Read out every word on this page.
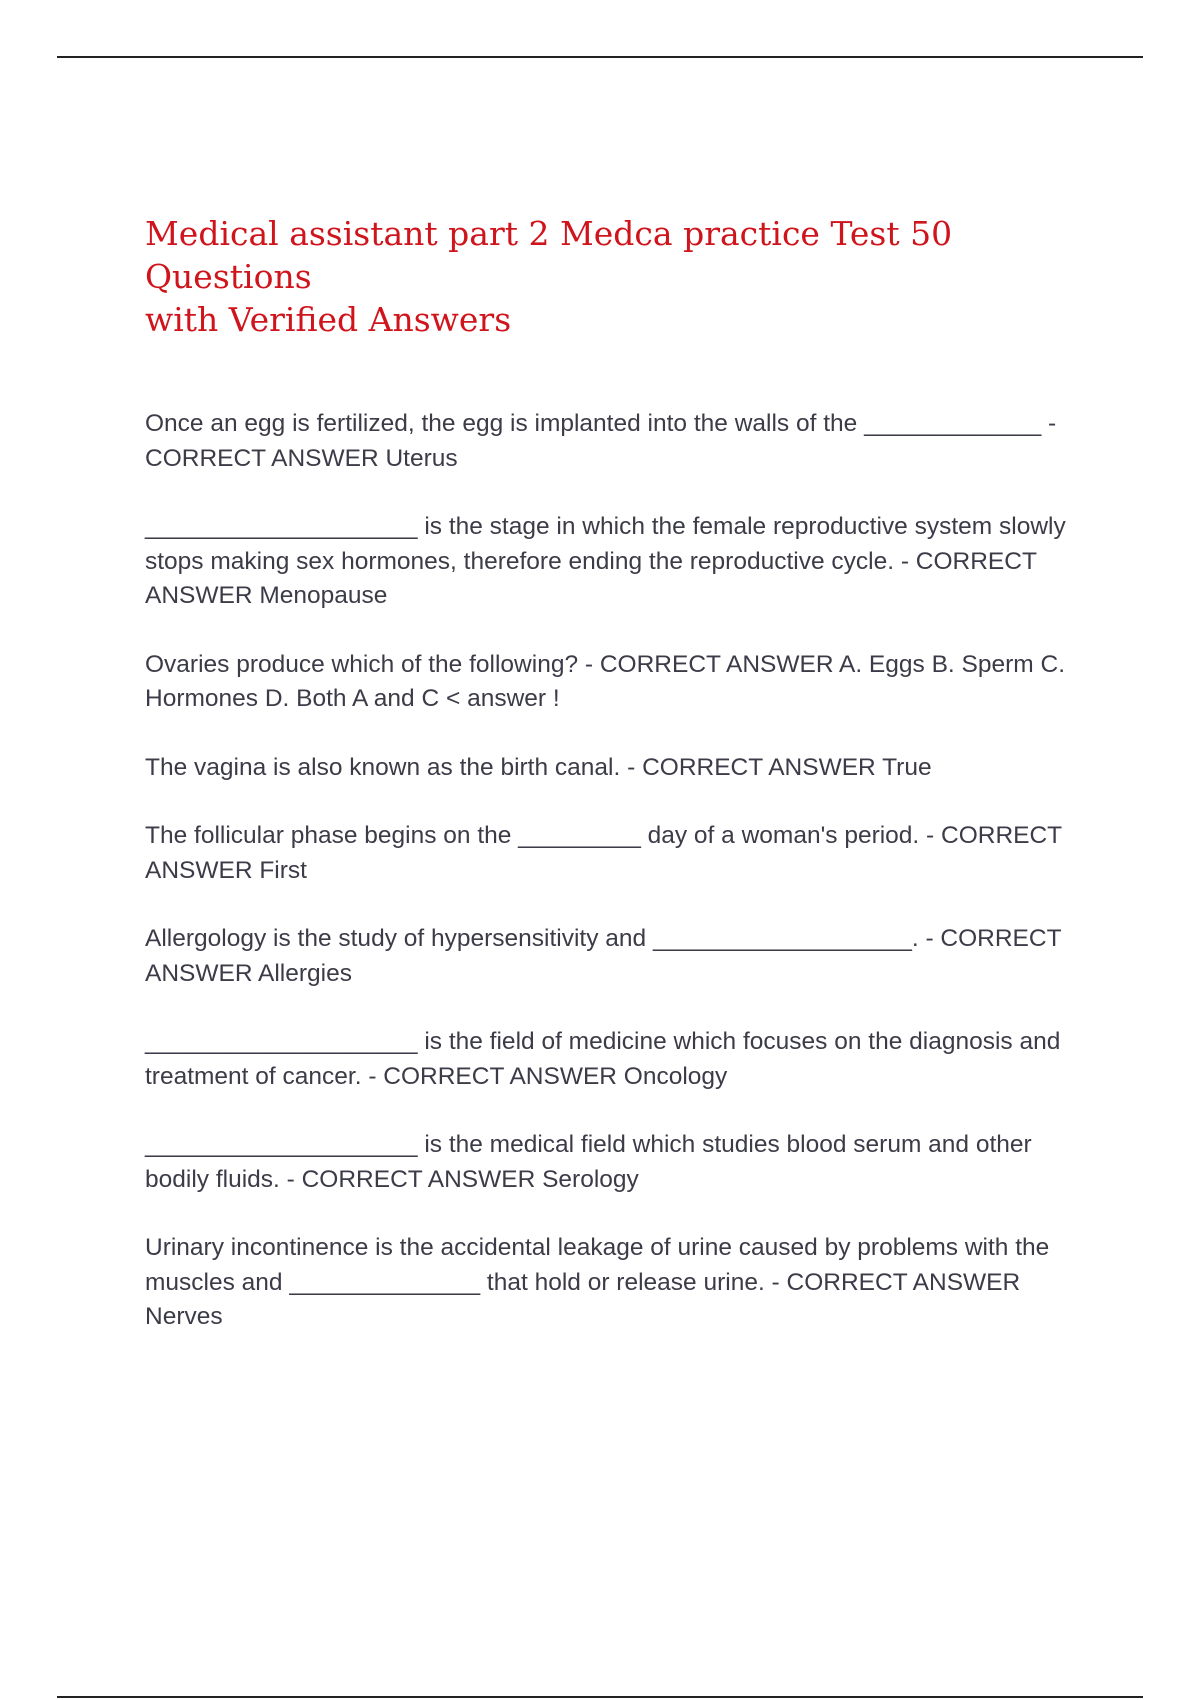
Medical assistant part 2 Medca practice Test 50 Questions
with Verified Answers
Once an egg is fertilized, the egg is implanted into the walls of the _____________ - CORRECT ANSWER Uterus
____________________ is the stage in which the female reproductive system slowly stops making sex hormones, therefore ending the reproductive cycle. - CORRECT ANSWER Menopause
Ovaries produce which of the following? - CORRECT ANSWER A. Eggs B. Sperm C. Hormones D. Both A and C < answer !
The vagina is also known as the birth canal. - CORRECT ANSWER True
The follicular phase begins on the _________ day of a woman's period. - CORRECT ANSWER First
Allergology is the study of hypersensitivity and ___________________. - CORRECT ANSWER Allergies
____________________ is the field of medicine which focuses on the diagnosis and treatment of cancer. - CORRECT ANSWER Oncology
____________________ is the medical field which studies blood serum and other bodily fluids. - CORRECT ANSWER Serology
Urinary incontinence is the accidental leakage of urine caused by problems with the muscles and ______________ that hold or release urine. - CORRECT ANSWER Nerves
